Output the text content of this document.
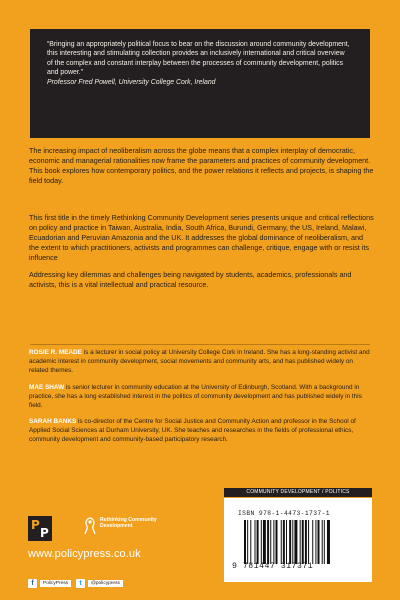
“Bringing an appropriately political focus to bear on the discussion around community development, this interesting and stimulating collection provides an inclusively international and critical overview of the complex and constant interplay between the processes of community development, politics and power.”

Professor Fred Powell, University College Cork, Ireland

The increasing impact of neoliberalism across the globe means that a complex interplay of democratic, economic and managerial rationalities now frame the parameters and practices of community development. This book explores how contemporary politics, and the power relations it reflects and projects, is shaping the field today.

This first title in the timely Rethinking Community Development series presents unique and critical reflections on policy and practice in Taiwan, Australia, India, South Africa, Burundi, Germany, the US, Ireland, Malawi, Ecuadorian and Peruvian Amazonia and the UK. It addresses the global dominance of neoliberalism, and the extent to which practitioners, activists and programmes can challenge, critique, engage with or resist its influence

Addressing key dilemmas and challenges being navigated by students, academics, professionals and activists, this is a vital intellectual and practical resource.

ROSIE R. MEADE is a lecturer in social policy at University College Cork in Ireland. She has a long-standing activist and academic interest in community development, social movements and community arts, and has published widely on related themes.

MAE SHAW is senior lecturer in community education at the University of Edinburgh, Scotland. With a background in practice, she has a long established interest in the politics of community development and has published widely in this field.

SARAH BANKS is co-director of the Centre for Social Justice and Community Action and professor in the School of Applied Social Sciences at Durham University, UK. She teaches and researches in the fields of professional ethics, community development and community-based participatory research.

P
P
Rethinking Community Development
www.policypress.co.uk
f	PolicyPress	t	@policypress
COMMUNITY DEVELOPMENT / POLITICS
ISBN 978-1-4473-1737-1
9 781447 317371
